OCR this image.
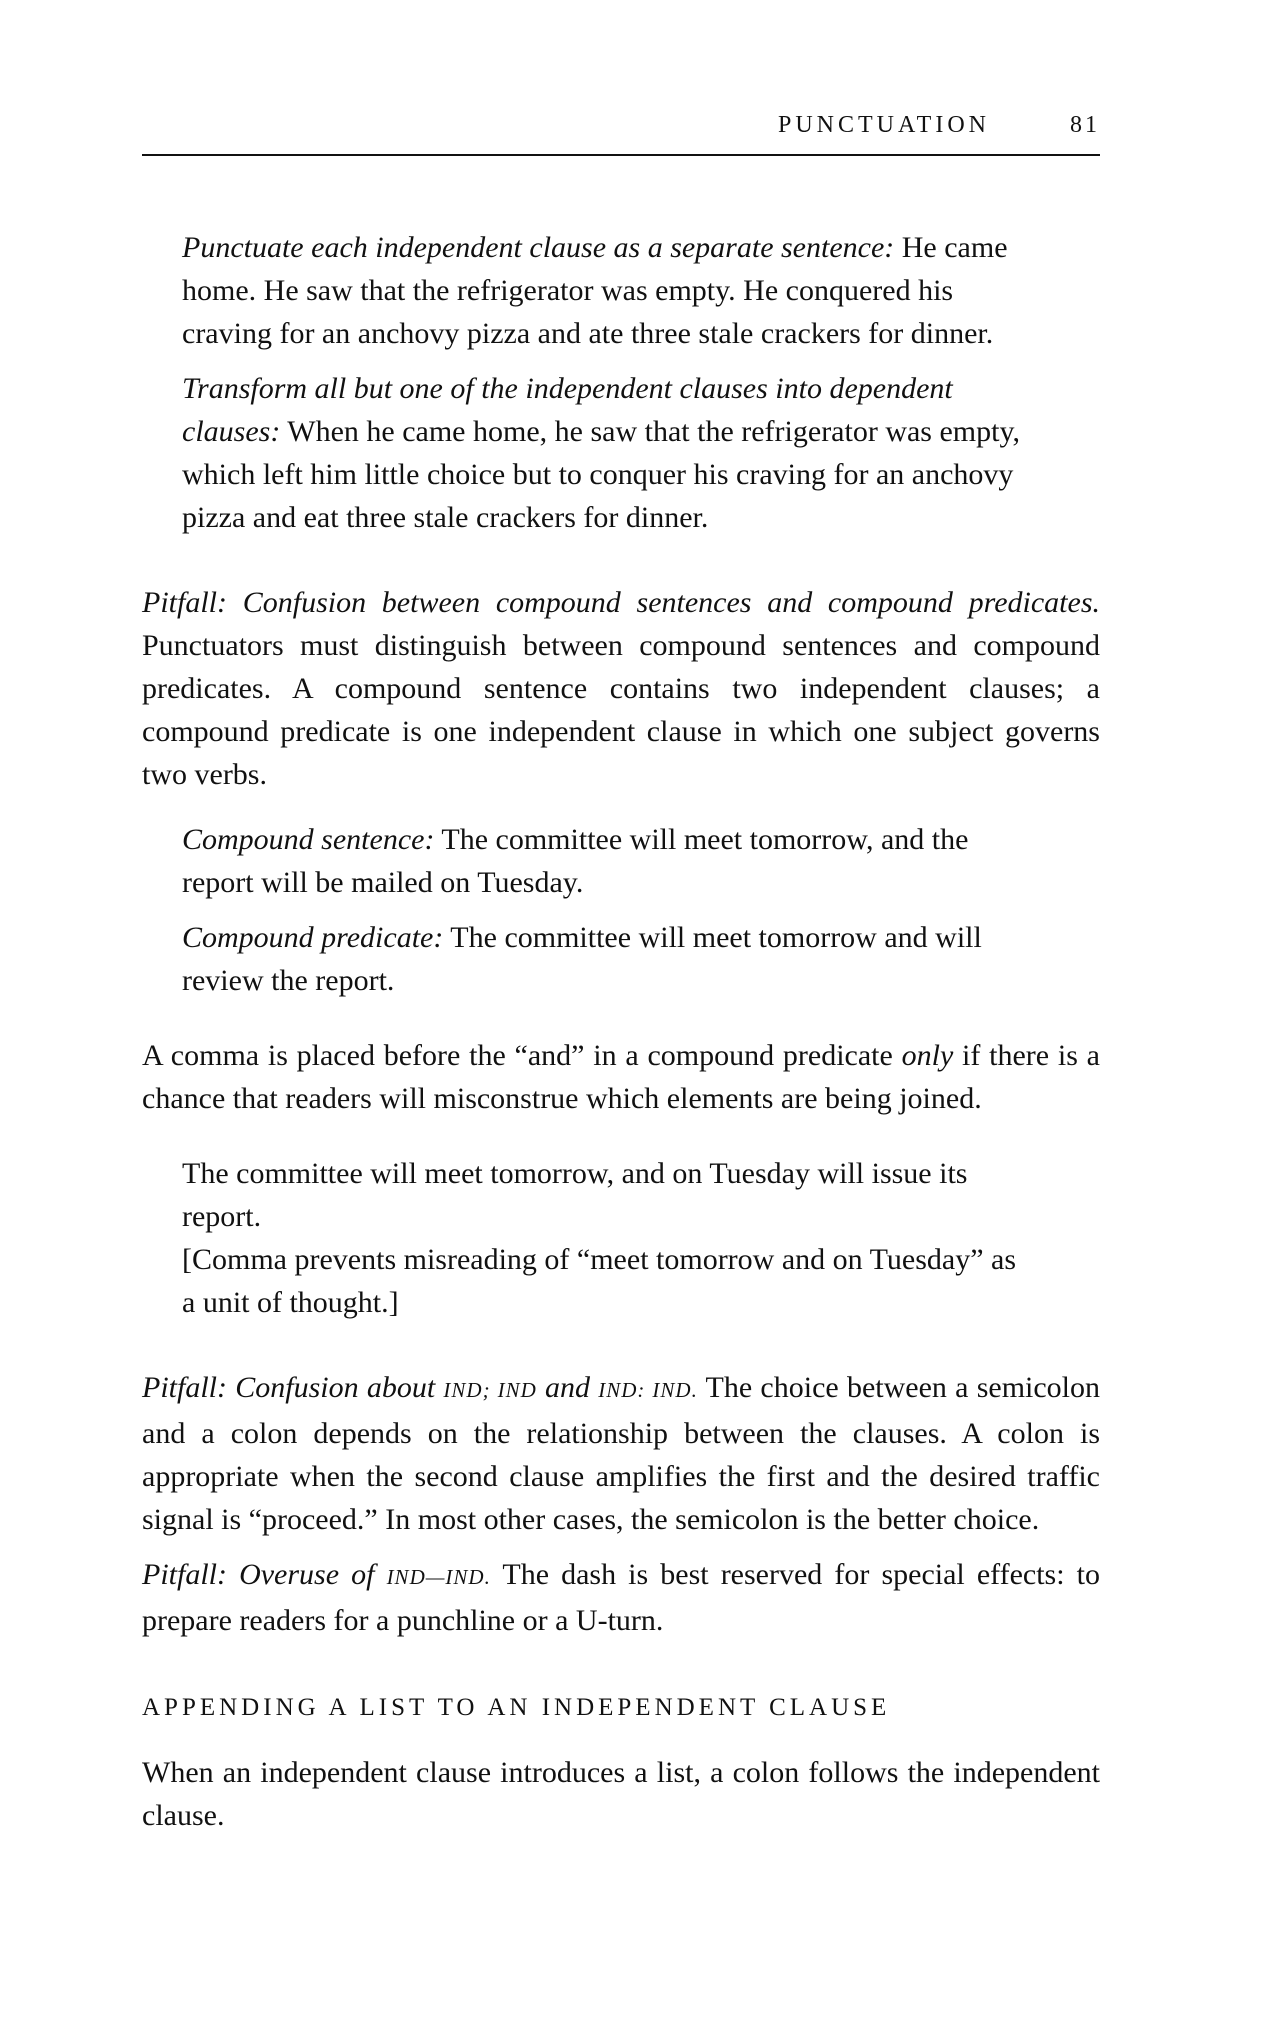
PUNCTUATION	81

Punctuate each independent clause as a separate sentence: He came home. He saw that the refrigerator was empty. He conquered his craving for an anchovy pizza and ate three stale crackers for dinner.

Transform all but one of the independent clauses into dependent clauses: When he came home, he saw that the refrigerator was empty, which left him little choice but to conquer his craving for an anchovy pizza and eat three stale crackers for dinner.

Pitfall: Confusion between compound sentences and compound predicates. Punctuators must distinguish between compound sentences and compound predicates. A compound sentence contains two independent clauses; a compound predicate is one independent clause in which one subject governs two verbs.

Compound sentence: The committee will meet tomorrow, and the report will be mailed on Tuesday.

Compound predicate: The committee will meet tomorrow and will review the report.

A comma is placed before the “and” in a compound predicate only if there is a chance that readers will misconstrue which elements are being joined.

The committee will meet tomorrow, and on Tuesday will issue its report.

[Comma prevents misreading of “meet tomorrow and on Tuesday” as a unit of thought.]

Pitfall: Confusion about IND; IND and IND: IND. The choice between a semicolon and a colon depends on the relationship between the clauses. A colon is appropriate when the second clause amplifies the first and the desired traffic signal is “proceed.” In most other cases, the semicolon is the better choice.

Pitfall: Overuse of IND—IND. The dash is best reserved for special effects: to prepare readers for a punchline or a U-turn.

APPENDING A LIST TO AN INDEPENDENT CLAUSE

When an independent clause introduces a list, a colon follows the independent clause.
